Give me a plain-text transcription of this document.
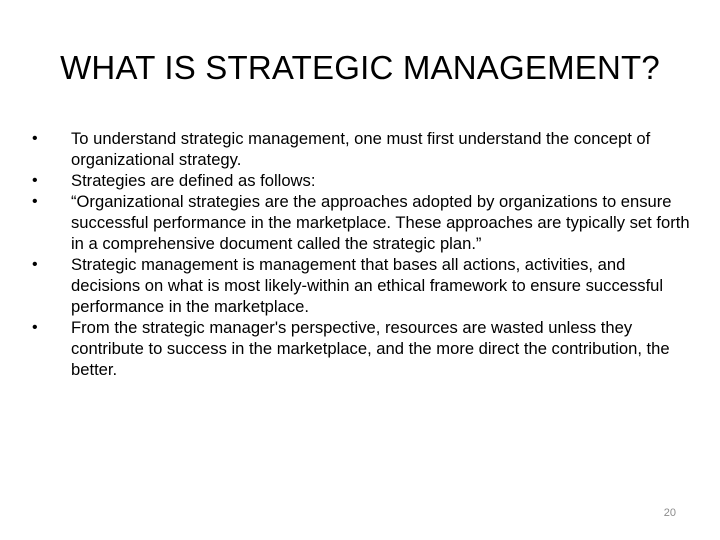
WHAT IS STRATEGIC MANAGEMENT?
•	To understand strategic management, one must first understand the concept of organizational strategy.
•	Strategies are defined as follows:
•	“Organizational strategies are the approaches adopted by organizations to ensure successful performance in the marketplace. These approaches are typically set forth in a comprehensive document called the strategic plan.”
•	Strategic management is management that bases all actions, activities, and decisions on what is most likely-within an ethical framework to ensure successful performance in the marketplace.
•	From the strategic manager's perspective, resources are wasted unless they contribute to success in the marketplace, and the more direct the contribution, the better.
20
